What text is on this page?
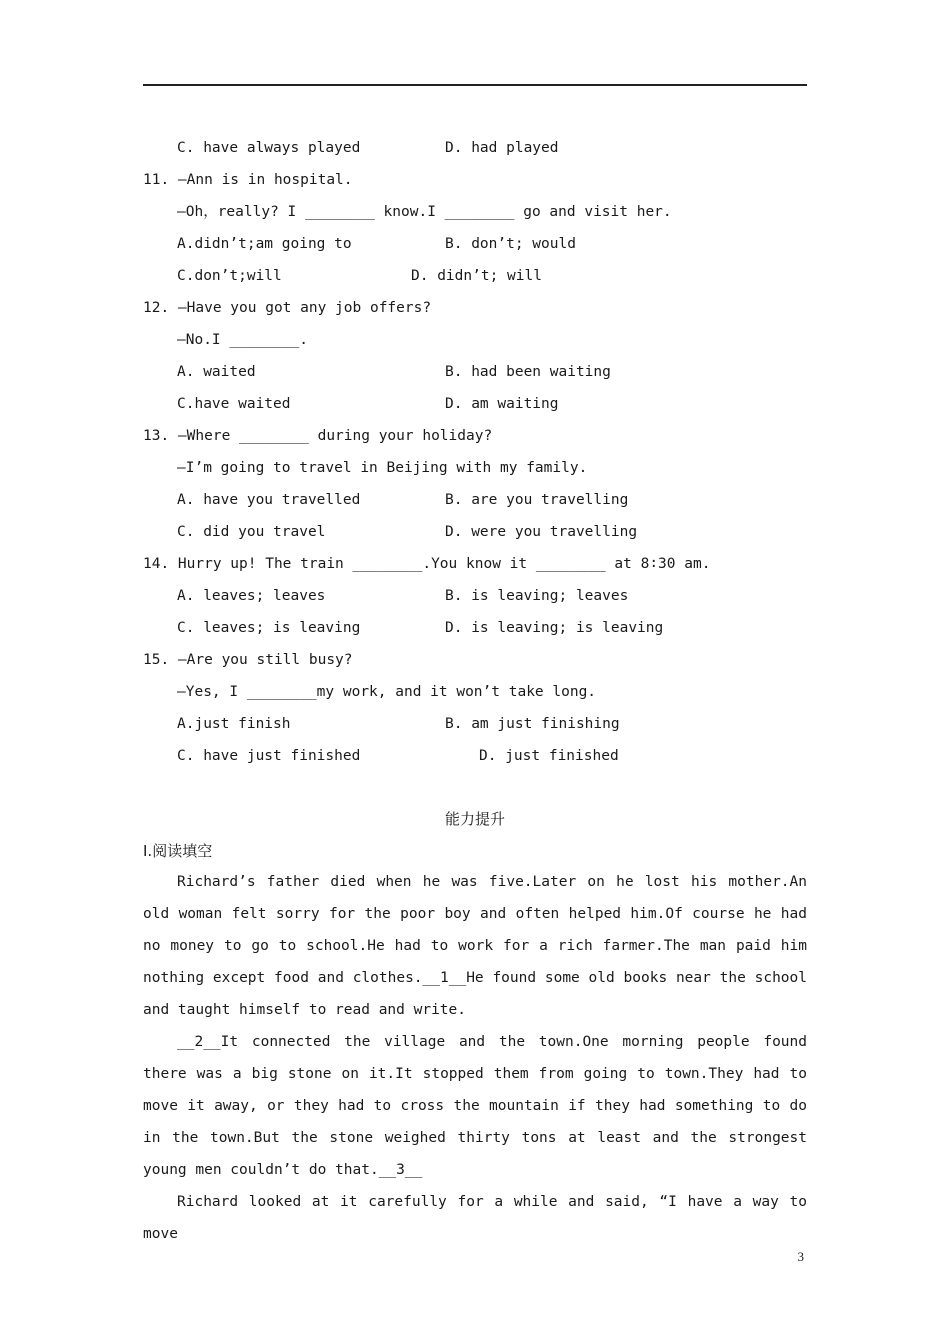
C. have always played	D. had played
11. —Ann is in hospital.
—Oh，really? I ________ know.I ________ go and visit her.
A.didn’t;am going to	B. don’t; would
C.don’t;will	D. didn’t; will
12. —Have you got any job offers?
—No.I ________.
A. waited	B. had been waiting
C.have waited	D. am waiting
13. —Where ________ during your holiday?
—I’m going to travel in Beijing with my family.
A. have you travelled	B. are you travelling
C. did you travel	D. were you travelling
14. Hurry up! The train ________.You know it ________ at 8∶30 am.
A. leaves; leaves	B. is leaving; leaves
C. leaves; is leaving	D. is leaving; is leaving
15. —Are you still busy?
—Yes, I ________my work, and it won’t take long.
A.just finish	B. am just finishing
C. have just finished	D. just finished
能力提升
Ⅰ.阅读填空
Richard’s father died when he was five.Later on he lost his mother.An old woman felt sorry for the poor boy and often helped him.Of course he had no money to go to school.He had to work for a rich farmer.The man paid him nothing except food and clothes.__1__He found some old books near the school and taught himself to read and write.
__2__It connected the village and the town.One morning people found there was a big stone on it.It stopped them from going to town.They had to move it away, or they had to cross the mountain if they had something to do in the town.But the stone weighed thirty tons at least and the strongest young men couldn’t do that.__3__
Richard looked at it carefully for a while and said, “I have a way to move
3
